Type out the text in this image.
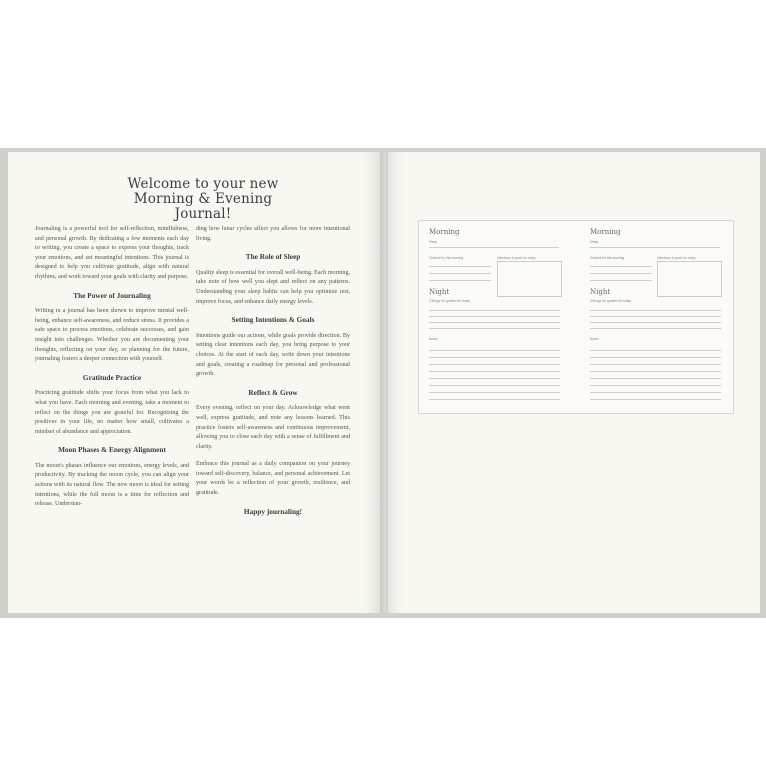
Welcome to your new
Morning & Evening Journal!

Journaling is a powerful tool for self-reflection, mindfulness, and personal growth. By dedicating a few moments each day to writing, you create a space to express your thoughts, track your emotions, and set meaningful intentions. This journal is designed to help you cultivate gratitude, align with natural rhythms, and work toward your goals with clarity and purpose.

The Power of Journaling

Writing in a journal has been shown to improve mental well-being, enhance self-awareness, and reduce stress. It provides a safe space to process emotions, celebrate successes, and gain insight into challenges. Whether you are documenting your thoughts, reflecting on your day, or planning for the future, journaling fosters a deeper connection with yourself.

Gratitude Practice

Practicing gratitude shifts your focus from what you lack to what you have. Each morning and evening, take a moment to reflect on the things you are grateful for. Recognizing the positives in your life, no matter how small, cultivates a mindset of abundance and appreciation.

Moon Phases & Energy Alignment

The moon's phases influence our emotions, energy levels, and productivity. By tracking the moon cycle, you can align your actions with its natural flow. The new moon is ideal for setting intentions, while the full moon is a time for reflection and release. Understan-

ding how lunar cycles affect you allows for more intentional living.

The Role of Sleep

Quality sleep is essential for overall well-being. Each morning, take note of how well you slept and reflect on any patterns. Understanding your sleep habits can help you optimize rest, improve focus, and enhance daily energy levels.

Setting Intentions & Goals

Intentions guide our actions, while goals provide direction. By setting clear intentions each day, you bring purpose to your choices. At the start of each day, write down your intentions and goals, creating a roadmap for personal and professional growth.

Reflect & Grow

Every evening, reflect on your day. Acknowledge what went well, express gratitude, and note any lessons learned. This practice fosters self-awareness and continuous improvement, allowing you to close each day with a sense of fulfillment and clarity.

Embrace this journal as a daily companion on your journey toward self-discovery, balance, and personal achievement. Let your words be a reflection of your growth, resilience, and gratitude.

Happy journaling!
Morning
Sleep
Grateful for this morning	Intentions & goals for today
Night
3 things I'm grateful for today
Notes
Morning
Sleep
Grateful for this morning	Intentions & goals for today
Night
3 things I'm grateful for today
Notes
